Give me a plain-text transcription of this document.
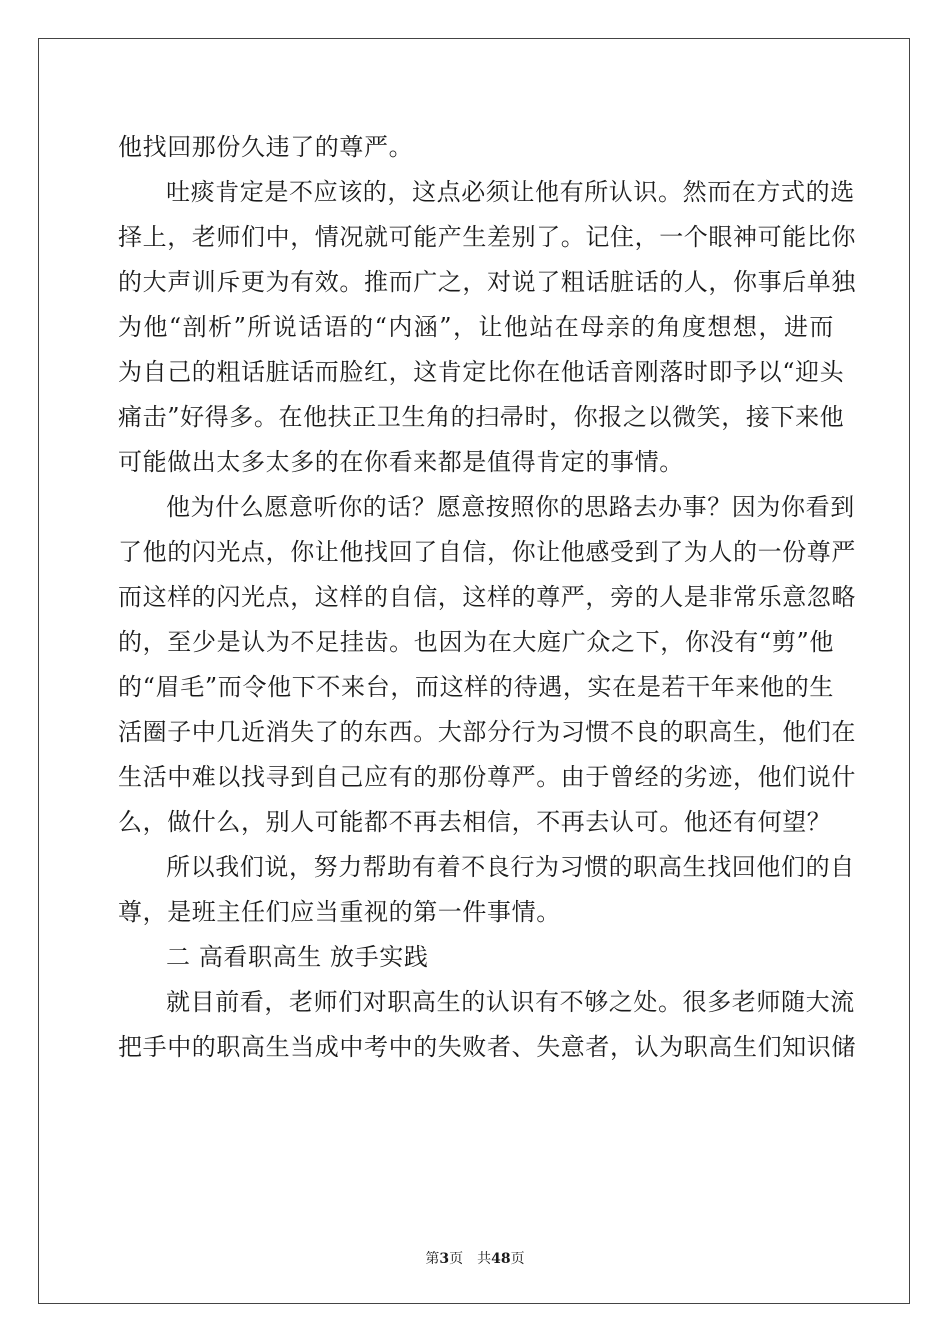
他找回那份久违了的尊严。
吐痰肯定是不应该的，这点必须让他有所认识。然而在方式的选
择上，老师们中，情况就可能产生差别了。记住，一个眼神可能比你
的大声训斥更为有效。推而广之，对说了粗话脏话的人，你事后单独
为他“剖析”所说话语的“内涵”，让他站在母亲的角度想想，进而
为自己的粗话脏话而脸红，这肯定比你在他话音刚落时即予以“迎头
痛击”好得多。在他扶正卫生角的扫帚时，你报之以微笑，接下来他
可能做出太多太多的在你看来都是值得肯定的事情。
他为什么愿意听你的话？愿意按照你的思路去办事？因为你看到
了他的闪光点，你让他找回了自信，你让他感受到了为人的一份尊严
而这样的闪光点，这样的自信，这样的尊严，旁的人是非常乐意忽略
的，至少是认为不足挂齿。也因为在大庭广众之下，你没有“剪”他
的“眉毛”而令他下不来台，而这样的待遇，实在是若干年来他的生
活圈子中几近消失了的东西。大部分行为习惯不良的职高生，他们在
生活中难以找寻到自己应有的那份尊严。由于曾经的劣迹，他们说什
么，做什么，别人可能都不再去相信，不再去认可。他还有何望？
所以我们说，努力帮助有着不良行为习惯的职高生找回他们的自
尊，是班主任们应当重视的第一件事情。
二 高看职高生 放手实践
就目前看，老师们对职高生的认识有不够之处。很多老师随大流
把手中的职高生当成中考中的失败者、失意者，认为职高生们知识储
第3页 共48页
